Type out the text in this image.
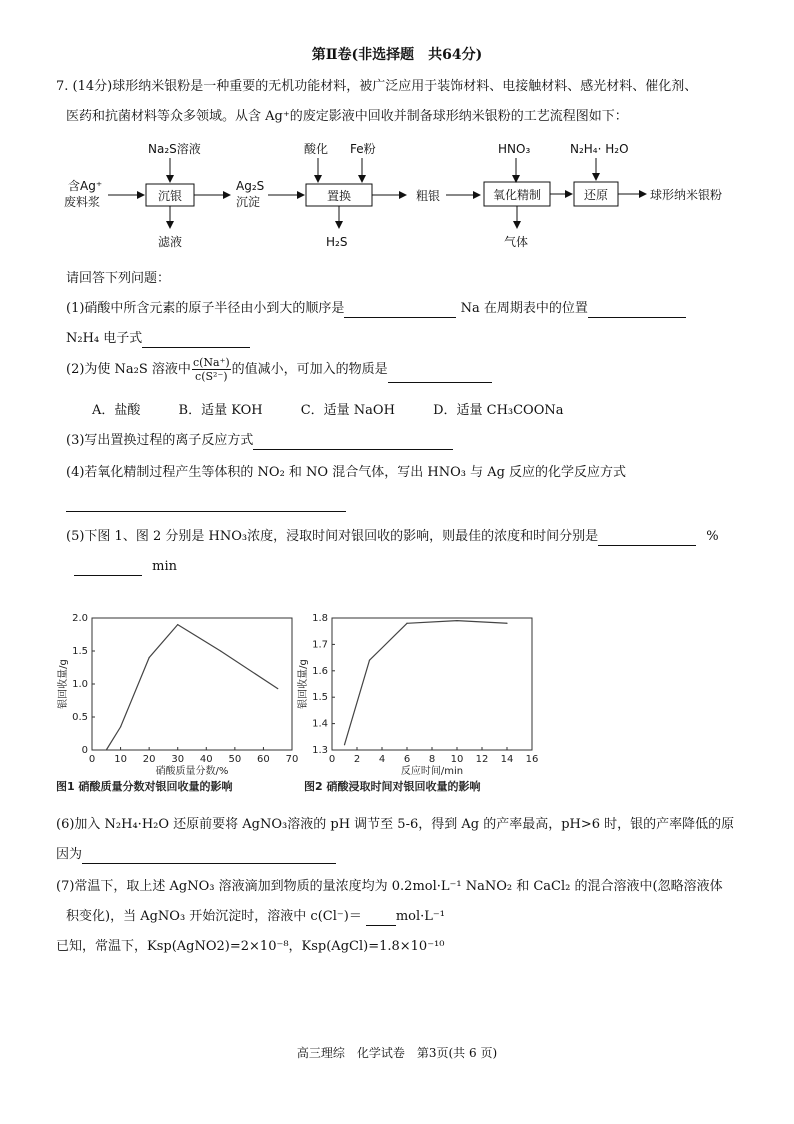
第Ⅱ卷(非选择题　共64分)
7. (14分)球形纳米银粉是一种重要的无机功能材料，被广泛应用于装饰材料、电接触材料、感光材料、催化剂、
医药和抗菌材料等众多领域。从含 Ag⁺的废定影液中回收并制备球形纳米银粉的工艺流程图如下：
含Ag⁺
废料浆
Na₂S溶液
沉银
滤液
Ag₂S
沉淀
酸化 Fe粉
置换
H₂S
粗银
HNO₃
氧化精制
气体
N₂H₄· H₂O
还原	球形纳米银粉
请回答下列问题：
(1)硝酸中所含元素的原子半径由小到大的顺序是	Na 在周期表中的位置
N₂H₄ 电子式
(2)为使 Na₂S 溶液中 $\frac{c(Na^+)}{\text{c(S²⁻)}}$ 的值减小，可加入的物质是
A．盐酸	B．适量 KOH	C．适量 NaOH	D．适量 CH₃COONa
(3)写出置换过程的离子反应方式
(4)若氧化精制过程产生等体积的 NO₂ 和 NO 混合气体，写出 HNO₃ 与 Ag 反应的化学反应方式
(5)下图 1、图 2 分别是 HNO₃浓度，浸取时间对银回收的影响，则最佳的浓度和时间分别是	%
min
0 10 20 30 40 50 60 70
0
0.5
1.0
1.5
2.0
硝酸质量分数/%
银回收量/g
图1 硝酸质量分数对银回收量的影响
0 2 4 6 8 10 12 14 16
1.3
1.4
1.5
1.6
1.7
1.8
反应时间/min
银回收量/g
图2 硝酸浸取时间对银回收量的影响
(6)加入 N₂H₄·H₂O 还原前要将 AgNO₃溶液的 pH 调节至 5-6，得到 Ag 的产率最高，pH>6 时，银的产率降低的原
因为
(7)常温下，取上述 AgNO₃ 溶液滴加到物质的量浓度均为 0.2mol·L⁻¹ NaNO₂ 和 CaCl₂ 的混合溶液中(忽略溶液体
积变化)，当 AgNO₃ 开始沉淀时，溶液中 c(Cl⁻)＝	mol·L⁻¹
已知，常温下，Ksp(AgNO2)=2×10⁻⁸，Ksp(AgCl)=1.8×10⁻¹⁰
高三理综　化学试卷　第3页(共 6 页)
